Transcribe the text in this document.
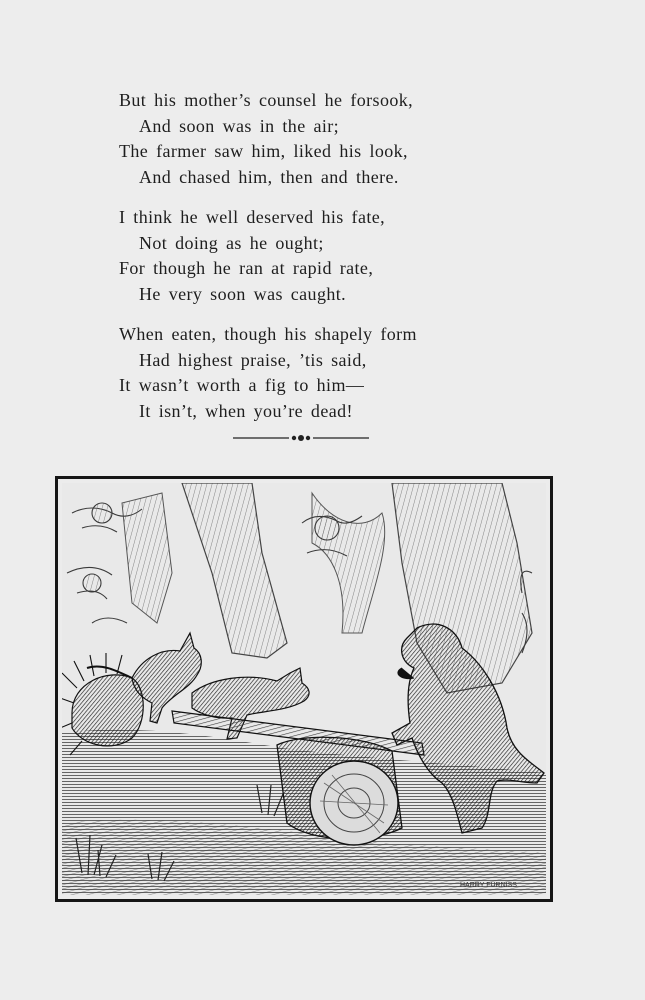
But his mother’s counsel he forsook,
And soon was in the air;
The farmer saw him, liked his look,
And chased him, then and there.
I think he well deserved his fate,
Not doing as he ought;
For though he ran at rapid rate,
He very soon was caught.
When eaten, though his shapely form
Had highest praise, ’tis said,
It wasn’t worth a fig to him—
It isn’t, when you’re dead!
HARRY FURNISS
